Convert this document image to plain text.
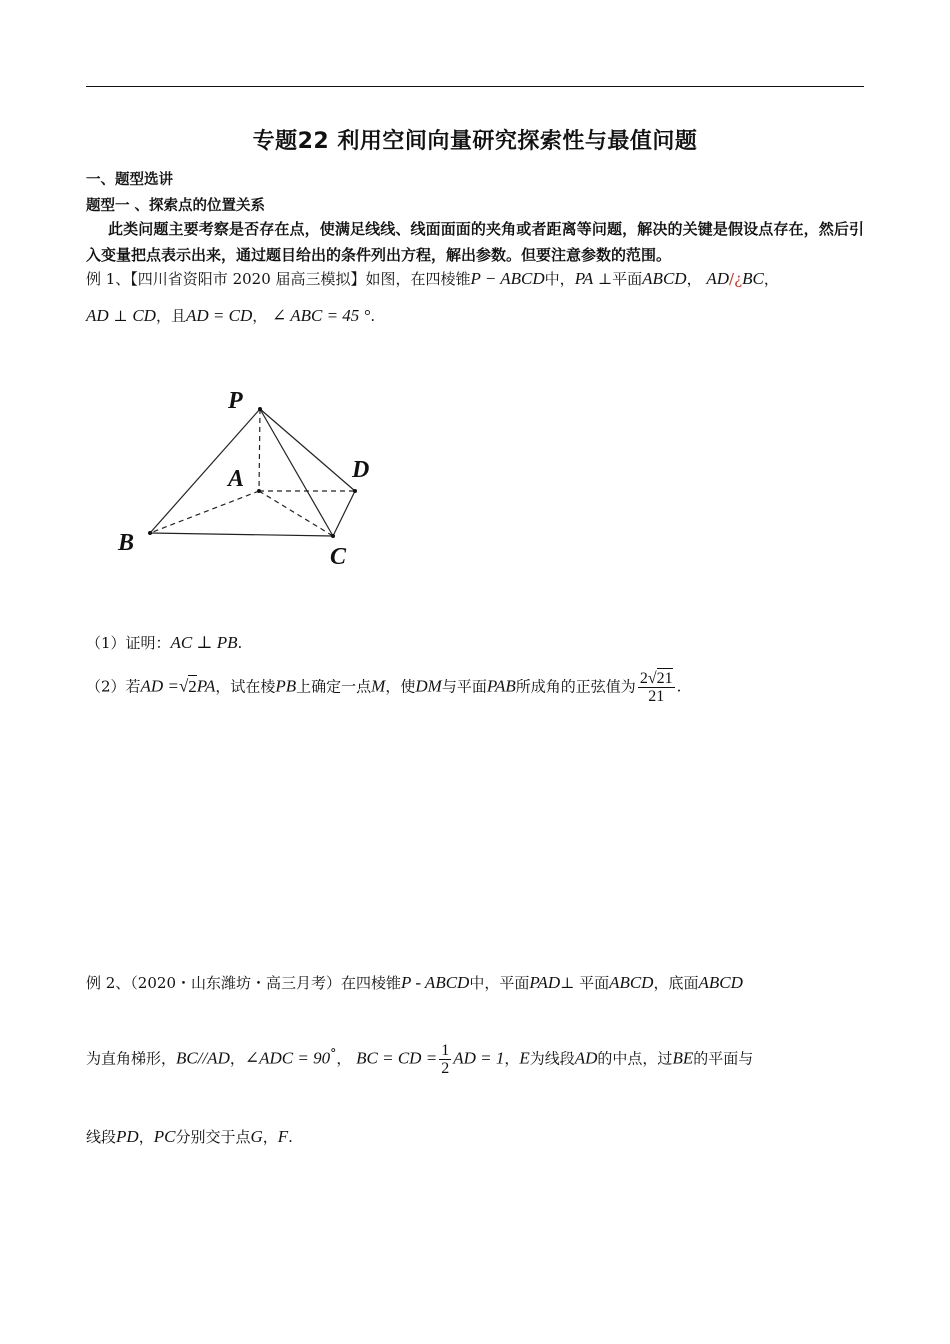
专题22 利用空间向量研究探索性与最值问题
一、题型选讲
题型一 、探索点的位置关系
此类问题主要考察是否存在点，使满足线线、线面面面的夹角或者距离等问题，解决的关键是假设点存在，然后引入变量把点表示出来，通过题目给出的条件列出方程，解出参数。但要注意参数的范围。
例 1、【四川省资阳市 2020 届高三模拟】如图，在四棱锥P − ABCD中，PA ⊥平面ABCD， AD/¿BC，
AD ⊥ CD，且AD = CD， ∠ ABC = 45 °.
P
A	D
B
C
（1）证明：AC ⊥ PB.
（2）若AD =√2PA，试在棱PB上确定一点M，使DM与平面PAB所成角的正弦值为 $\frac{2√21}{21}$ .
例 2、（2020・山东潍坊・高三月考）在四棱锥P - ABCD中，平面PAD⊥ 平面ABCD，底面ABCD
为直角梯形，BC//AD，∠ADC = 90°， BC = CD = $\frac{1}{2}$ AD = 1，E为线段AD的中点，过BE的平面与
线段PD，PC分别交于点G，F.
